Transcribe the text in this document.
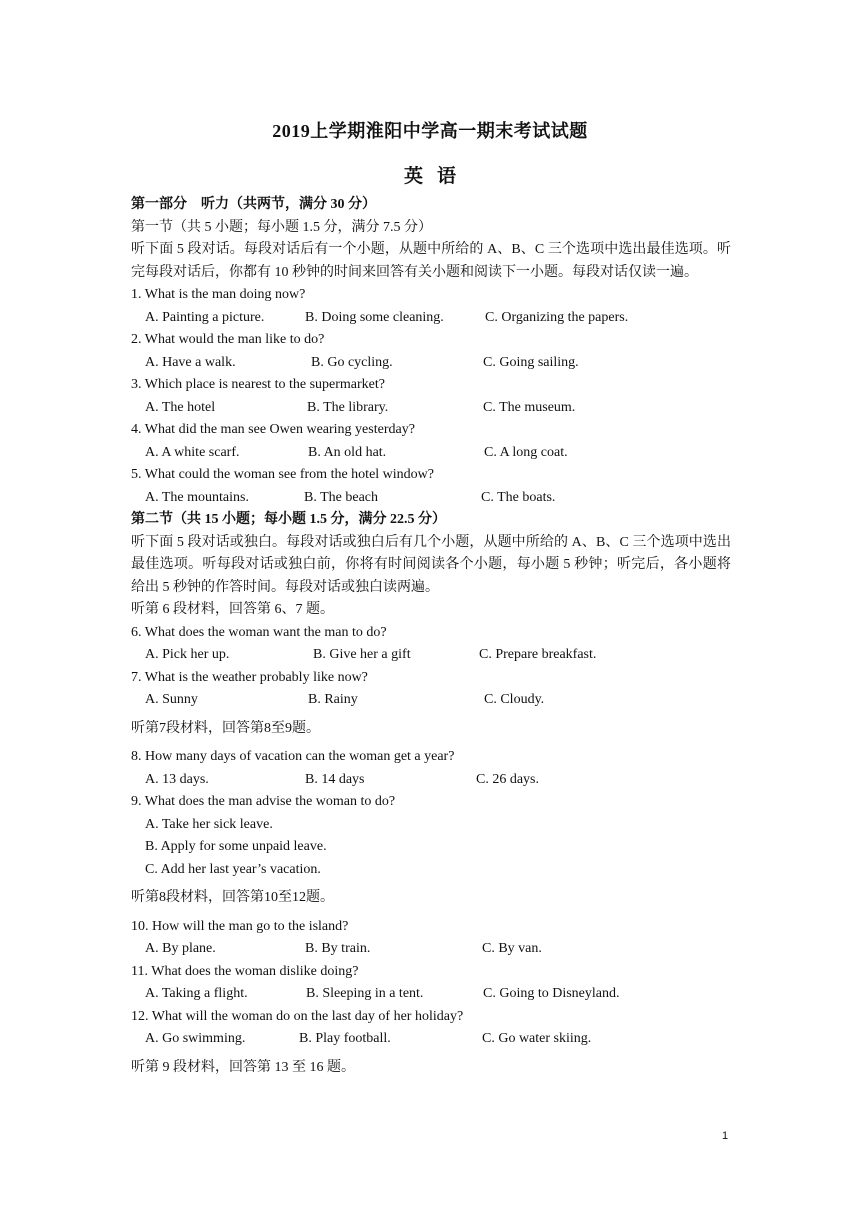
2019上学期淮阳中学高一期末考试试题
英语
第一部分　听力（共两节，满分 30 分）
第一节（共 5 小题；每小题 1.5 分，满分 7.5 分）
听下面 5 段对话。每段对话后有一个小题，从题中所给的 A、B、C 三个选项中选出最佳选项。听完每段对话后，你都有 10 秒钟的时间来回答有关小题和阅读下一小题。每段对话仅读一遍。
1. What is the man doing now?
A. Painting a picture.	B. Doing some cleaning.	C. Organizing the papers.
2. What would the man like to do?
A. Have a walk.	B. Go cycling.	C. Going sailing.
3. Which place is nearest to the supermarket?
A. The hotel	B. The library.	C. The museum.
4. What did the man see Owen wearing yesterday?
A. A white scarf.	B. An old hat.	C. A long coat.
5. What could the woman see from the hotel window?
A. The mountains.	B. The beach	C. The boats.
第二节（共 15 小题；每小题 1.5 分，满分 22.5 分）
听下面 5 段对话或独白。每段对话或独白后有几个小题，从题中所给的 A、B、C 三个选项中选出最佳选项。听每段对话或独白前，你将有时间阅读各个小题，每小题 5 秒钟；听完后，各小题将给出 5 秒钟的作答时间。每段对话或独白读两遍。
听第 6 段材料，回答第 6、7 题。
6. What does the woman want the man to do?
A. Pick her up.	B. Give her a gift	C. Prepare breakfast.
7. What is the weather probably like now?
A. Sunny	B. Rainy	C. Cloudy.
听第7段材料，回答第8至9题。
8. How many days of vacation can the woman get a year?
A. 13 days.	B. 14 days	C. 26 days.
9. What does the man advise the woman to do?
A. Take her sick leave.
B. Apply for some unpaid leave.
C. Add her last year’s vacation.
听第8段材料，回答第10至12题。
10. How will the man go to the island?
A. By plane.	B. By train.	C. By van.
11. What does the woman dislike doing?
A. Taking a flight.	B. Sleeping in a tent.	C. Going to Disneyland.
12. What will the woman do on the last day of her holiday?
A. Go swimming.	B. Play football.	C. Go water skiing.
听第 9 段材料，回答第 13 至 16 题。
1
